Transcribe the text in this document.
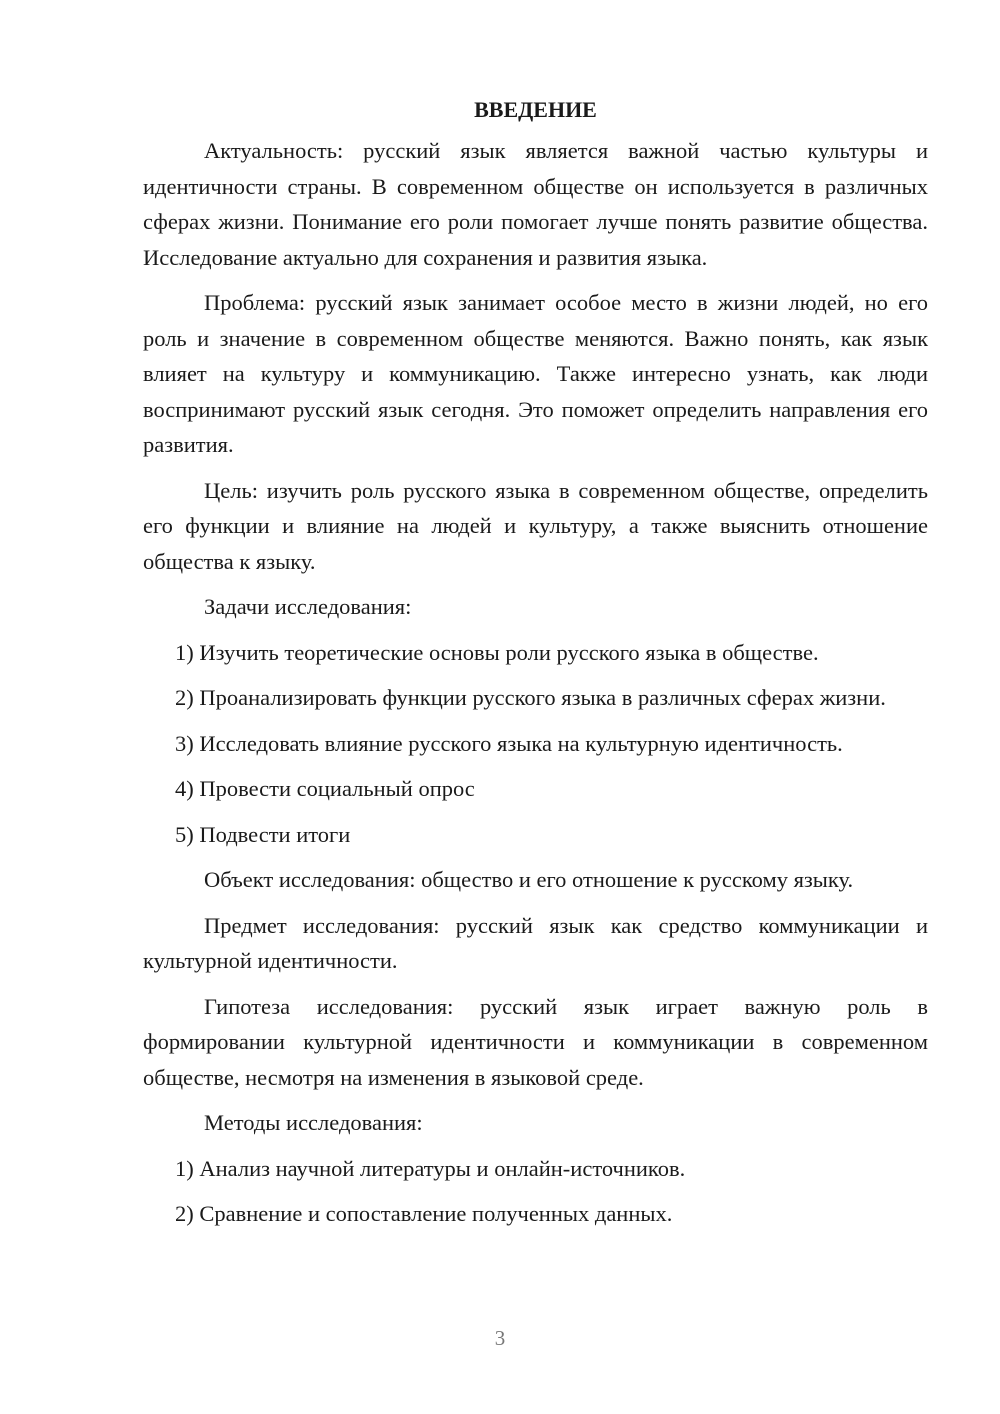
ВВЕДЕНИЕ

Актуальность: русский язык является важной частью культуры и идентичности страны. В современном обществе он используется в различных сферах жизни. Понимание его роли помогает лучше понять развитие общества. Исследование актуально для сохранения и развития языка.

Проблема: русский язык занимает особое место в жизни людей, но его роль и значение в современном обществе меняются. Важно понять, как язык влияет на культуру и коммуникацию. Также интересно узнать, как люди воспринимают русский язык сегодня. Это поможет определить направления его развития.

Цель: изучить роль русского языка в современном обществе, определить его функции и влияние на людей и культуру, а также выяснить отношение общества к языку.

Задачи исследования:

1) Изучить теоретические основы роли русского языка в обществе.

2) Проанализировать функции русского языка в различных сферах жизни.

3) Исследовать влияние русского языка на культурную идентичность.

4) Провести социальный опрос

5) Подвести итоги

Объект исследования: общество и его отношение к русскому языку.

Предмет исследования: русский язык как средство коммуникации и культурной идентичности.

Гипотеза исследования: русский язык играет важную роль в формировании культурной идентичности и коммуникации в современном обществе, несмотря на изменения в языковой среде.

Методы исследования:

1) Анализ научной литературы и онлайн-источников.

2) Сравнение и сопоставление полученных данных.

3
